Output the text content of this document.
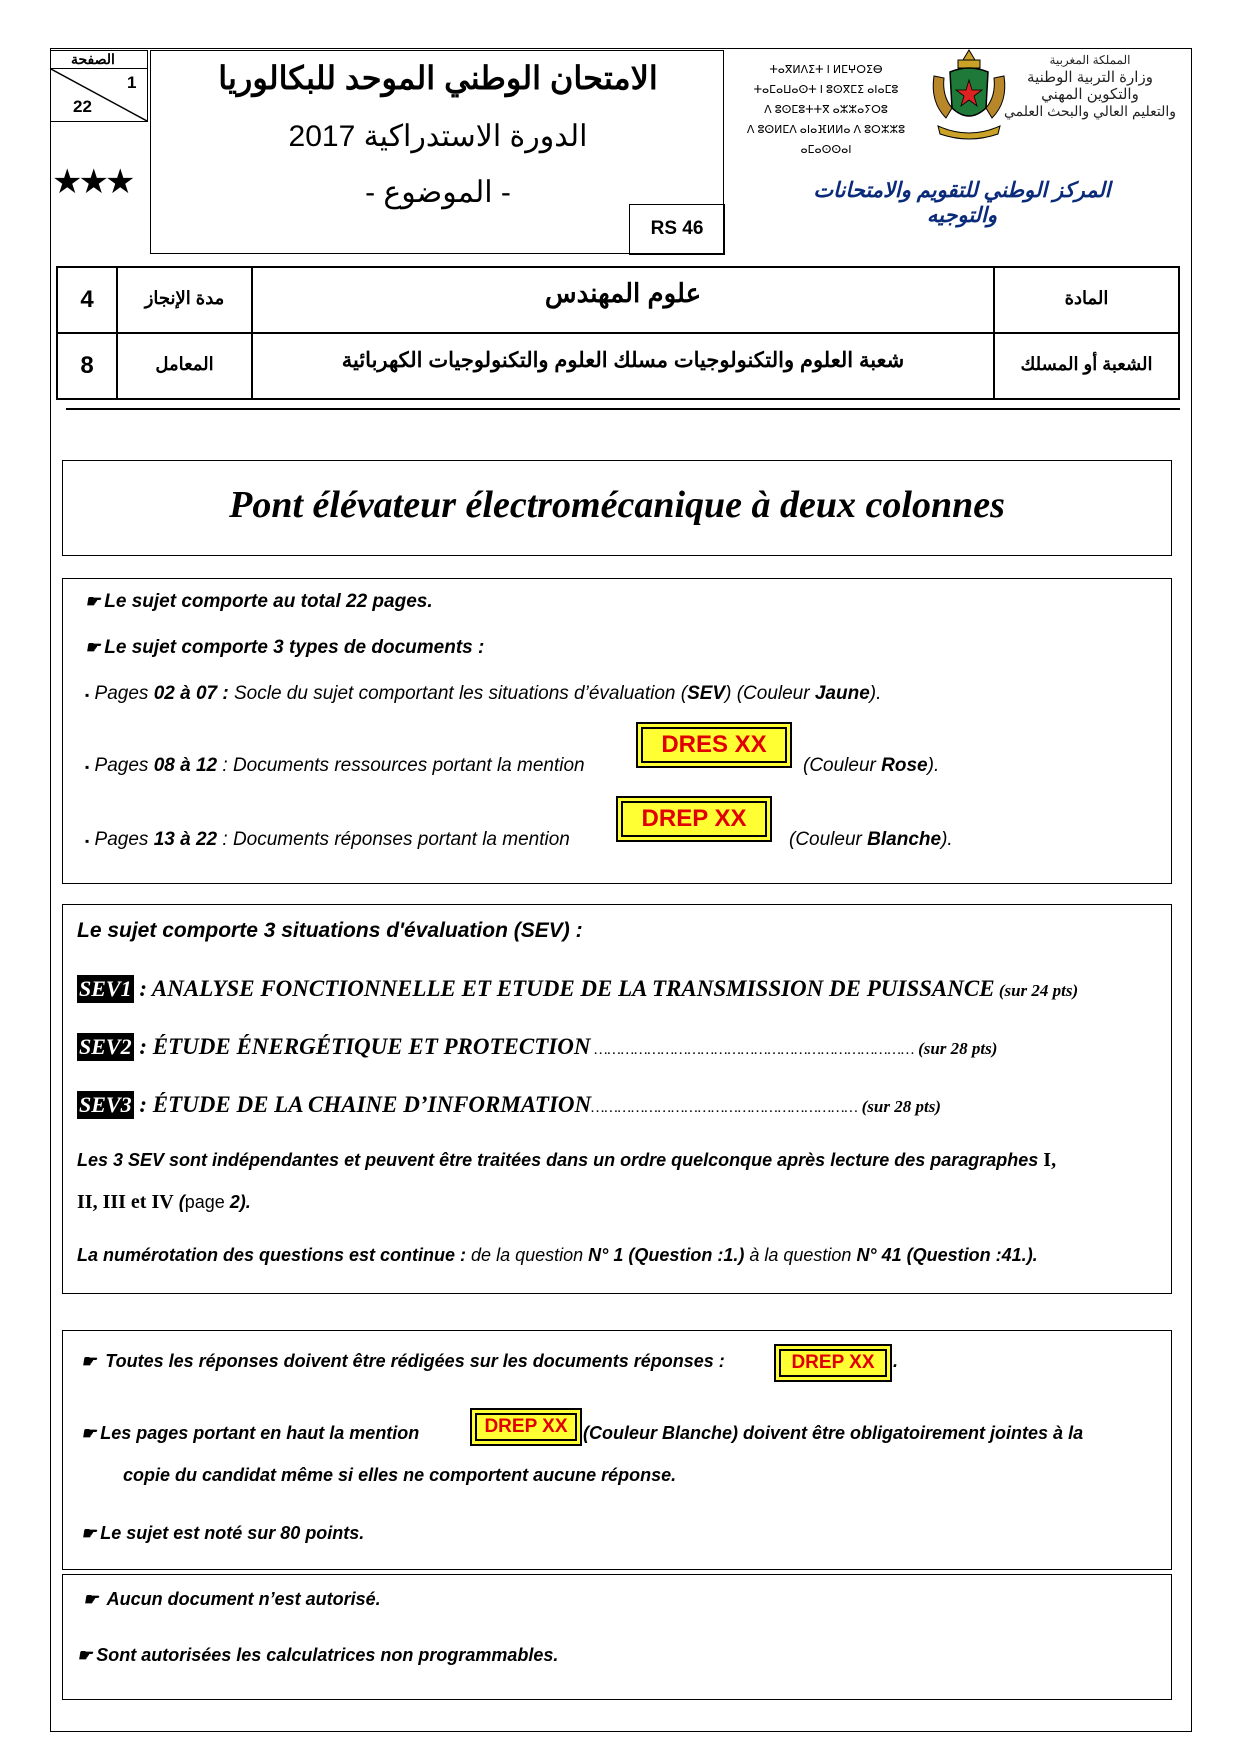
الصفحة
1
22
★★★
الامتحان الوطني الموحد للبكالوريا
الدورة الاستدراكية 2017
- الموضوع -
RS 46
ⵜⴰⴳⵍⴷⵉⵜ ⵏ ⵍⵎⵖⵔⵉⴱ
ⵜⴰⵎⴰⵡⴰⵙⵜ ⵏ ⵓⵙⴳⵎⵉ ⴰⵏⴰⵎⵓ
ⴷ ⵓⵙⵎⵓⵜⵜⴳ ⴰⵣⵣⴰⵢⵔⵓ
ⴷ ⵓⵙⵍⵎⴷ ⴰⵏⴰⴼⵍⵍⴰ ⴷ ⵓⵔⵣⵣⵓ ⴰⵎⴰⵙⵙⴰⵏ
المملكة المغربية
وزارة التربية الوطنية
والتكوين المهني
والتعليم العالي والبحث العلمي
المركز الوطني للتقويم والامتحانات والتوجيه
4	مدة الإنجاز	علوم المهندس	المادة
8	المعامل	شعبة العلوم والتكنولوجيات مسلك العلوم والتكنولوجيات الكهربائية	الشعبة أو المسلك
Pont élévateur électromécanique à deux colonnes
☛ Le sujet comporte au total 22 pages.
☛ Le sujet comporte 3 types de documents :
▪ Pages 02 à 07 : Socle du sujet comportant les situations d’évaluation (SEV) (Couleur Jaune).
▪ Pages 08 à 12 : Documents ressources portant la mention
DRES XX
(Couleur Rose).
▪ Pages 13 à 22 : Documents réponses portant la mention
DREP XX
(Couleur Blanche).
Le sujet comporte 3 situations d'évaluation (SEV) :
SEV1 : ANALYSE FONCTIONNELLE ET ETUDE DE LA TRANSMISSION DE PUISSANCE (sur 24 pts)
SEV2 : ÉTUDE ÉNERGÉTIQUE ET PROTECTION ……………………………………………………………… (sur 28 pts)
SEV3 : ÉTUDE DE LA CHAINE D’INFORMATION…………………………………………………… (sur 28 pts)
Les 3 SEV sont indépendantes et peuvent être traitées dans un ordre quelconque après lecture des paragraphes I,
II, III et IV (page 2).
La numérotation des questions est continue : de la question N° 1 (Question :1.) à la question N° 41 (Question :41.).
☛ Toutes les réponses doivent être rédigées sur les documents réponses :	DREP XX	.
☛ Les pages portant en haut la mention	DREP XX (Couleur Blanche) doivent être obligatoirement jointes à la
copie du candidat même si elles ne comportent aucune réponse.
☛ Le sujet est noté sur 80 points.
☛ Aucun document n’est autorisé.
☛ Sont autorisées les calculatrices non programmables.
